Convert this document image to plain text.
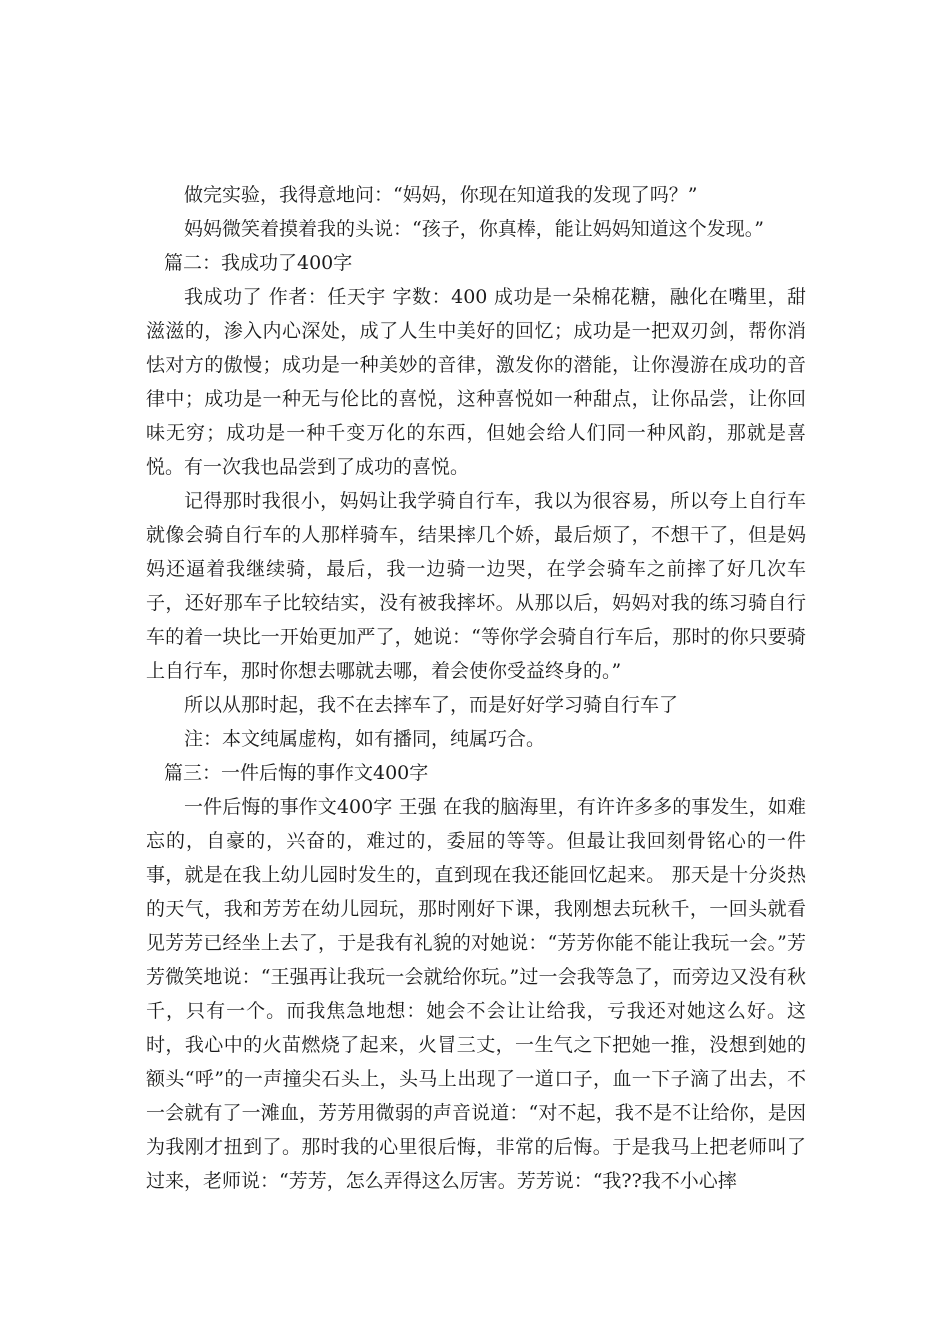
做完实验，我得意地问：“妈妈，你现在知道我的发现了吗？”

妈妈微笑着摸着我的头说：“孩子，你真棒，能让妈妈知道这个发现。”

篇二：我成功了400字

我成功了 作者：任天宇 字数：400 成功是一朵棉花糖，融化在嘴里，甜滋滋的，渗入内心深处，成了人生中美好的回忆；成功是一把双刃剑，帮你消怯对方的傲慢；成功是一种美妙的音律，激发你的潜能，让你漫游在成功的音律中；成功是一种无与伦比的喜悦，这种喜悦如一种甜点，让你品尝，让你回味无穷；成功是一种千变万化的东西，但她会给人们同一种风韵，那就是喜悦。有一次我也品尝到了成功的喜悦。

记得那时我很小，妈妈让我学骑自行车，我以为很容易，所以夸上自行车就像会骑自行车的人那样骑车，结果摔几个娇，最后烦了，不想干了，但是妈妈还逼着我继续骑，最后，我一边骑一边哭，在学会骑车之前摔了好几次车子，还好那车子比较结实，没有被我摔坏。从那以后，妈妈对我的练习骑自行车的着一块比一开始更加严了，她说：“等你学会骑自行车后，那时的你只要骑上自行车，那时你想去哪就去哪，着会使你受益终身的。”

所以从那时起，我不在去摔车了，而是好好学习骑自行车了

注：本文纯属虚构，如有播同，纯属巧合。

篇三：一件后悔的事作文400字

一件后悔的事作文400字 王强 在我的脑海里，有许许多多的事发生，如难忘的，自豪的，兴奋的，难过的，委屈的等等。但最让我回刻骨铭心的一件事，就是在我上幼儿园时发生的，直到现在我还能回忆起来。 那天是十分炎热的天气，我和芳芳在幼儿园玩，那时刚好下课，我刚想去玩秋千，一回头就看见芳芳已经坐上去了，于是我有礼貌的对她说：“芳芳你能不能让我玩一会。”芳芳微笑地说：“王强再让我玩一会就给你玩。”过一会我等急了，而旁边又没有秋千，只有一个。而我焦急地想：她会不会让让给我，亏我还对她这么好。这时，我心中的火苗燃烧了起来，火冒三丈，一生气之下把她一推，没想到她的额头“呼”的一声撞尖石头上，头马上出现了一道口子，血一下子滴了出去，不一会就有了一滩血，芳芳用微弱的声音说道：“对不起，我不是不让给你，是因为我刚才扭到了。那时我的心里很后悔，非常的后悔。于是我马上把老师叫了过来，老师说：“芳芳，怎么弄得这么厉害。芳芳说：“我??我不小心摔
